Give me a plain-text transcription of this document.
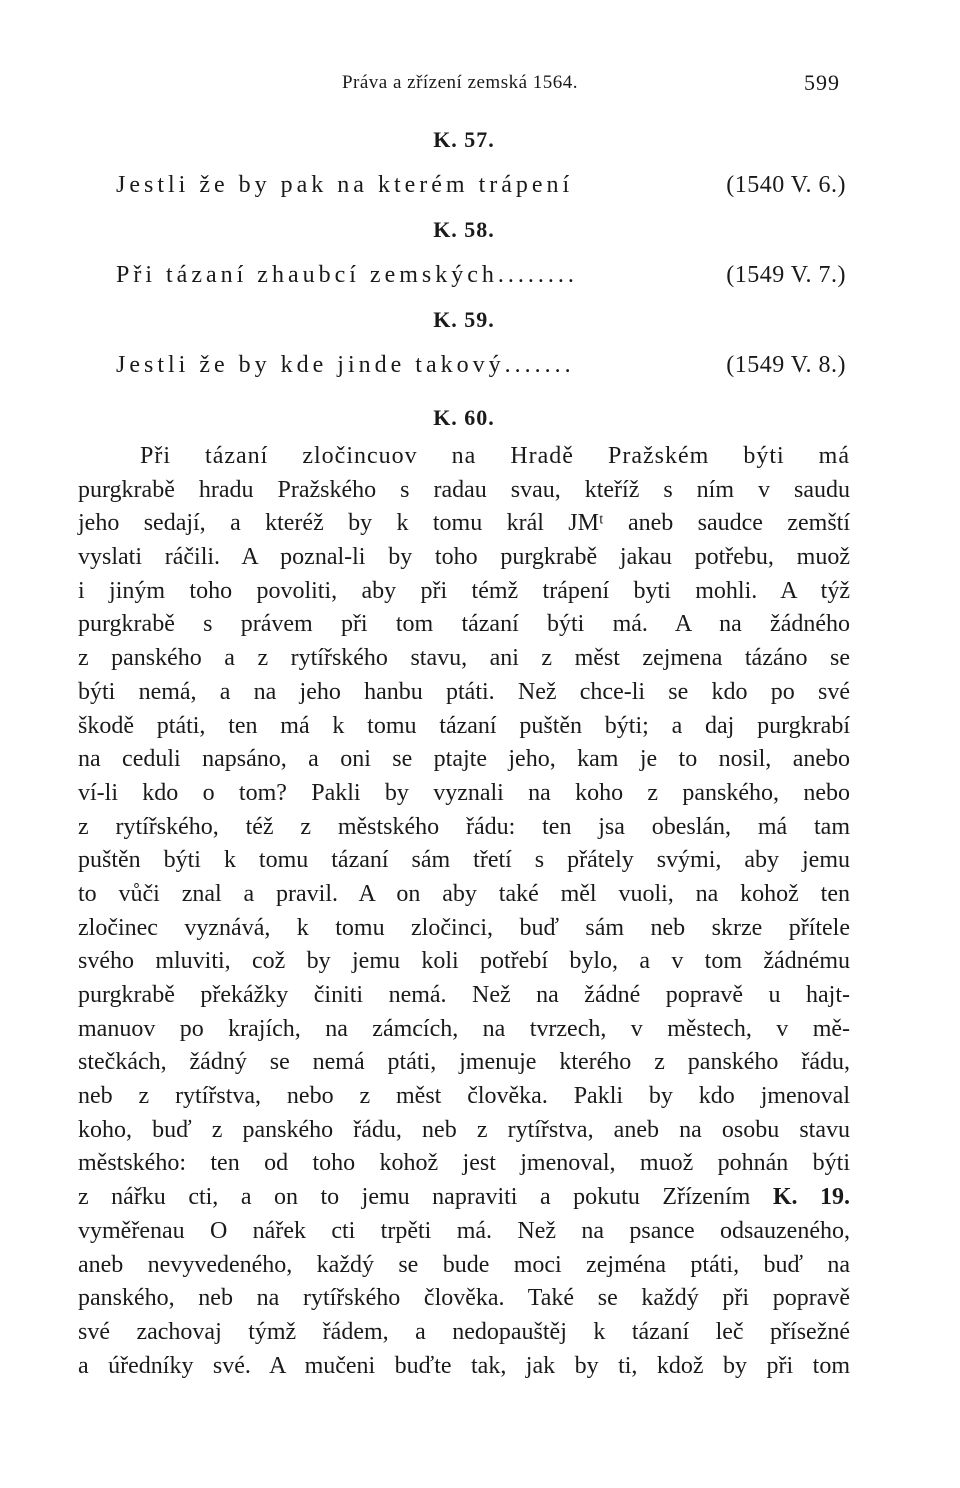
Práva a zřízení zemská 1564.	599
K. 57.
Jestli že by pak na kterém trápení	(1540 V. 6.)
K. 58.
Při tázaní zhaubcí zemských........	(1549 V. 7.)
K. 59.
Jestli že by kde jinde takový.......	(1549 V. 8.)
K. 60.
Při tázaní zločincuov na Hradě Pražském býti má
purgkrabě hradu Pražského s radau svau, kteříž s ním v saudu
jeho sedají, a kteréž by k tomu král JMᵗ aneb saudce zemští
vyslati ráčili. A poznal-li by toho purgkrabě jakau potřebu, muož
i jiným toho povoliti, aby při témž trápení byti mohli. A týž
purgkrabě s právem při tom tázaní býti má. A na žádného
z panského a z rytířského stavu, ani z měst zejmena tázáno se
býti nemá, a na jeho hanbu ptáti. Než chce-li se kdo po své
škodě ptáti, ten má k tomu tázaní puštěn býti; a daj purgkrabí
na ceduli napsáno, a oni se ptajte jeho, kam je to nosil, anebo
ví-li kdo o tom? Pakli by vyznali na koho z panského, nebo
z rytířského, též z městského řádu: ten jsa obeslán, má tam
puštěn býti k tomu tázaní sám třetí s přátely svými, aby jemu
to vůči znal a pravil. A on aby také měl vuoli, na kohož ten
zločinec vyznává, k tomu zločinci, buď sám neb skrze přítele
svého mluviti, což by jemu koli potřebí bylo, a v tom žádnému
purgkrabě překážky činiti nemá. Než na žádné popravě u hajt-
manuov po krajích, na zámcích, na tvrzech, v městech, v mě-
stečkách, žádný se nemá ptáti, jmenuje kterého z panského řádu,
neb z rytířstva, nebo z měst člověka. Pakli by kdo jmenoval
koho, buď z panského řádu, neb z rytířstva, aneb na osobu stavu
městského: ten od toho kohož jest jmenoval, muož pohnán býti
z nářku cti, a on to jemu napraviti a pokutu Zřízením K. 19.
vyměřenau O nářek cti trpěti má. Než na psance odsauzeného,
aneb nevyvedeného, každý se bude moci zejména ptáti, buď na
panského, neb na rytířského člověka. Také se každý při popravě
své zachovaj týmž řádem, a nedopauštěj k tázaní leč přísežné
a úředníky své. A mučeni buďte tak, jak by ti, kdož by při tom
